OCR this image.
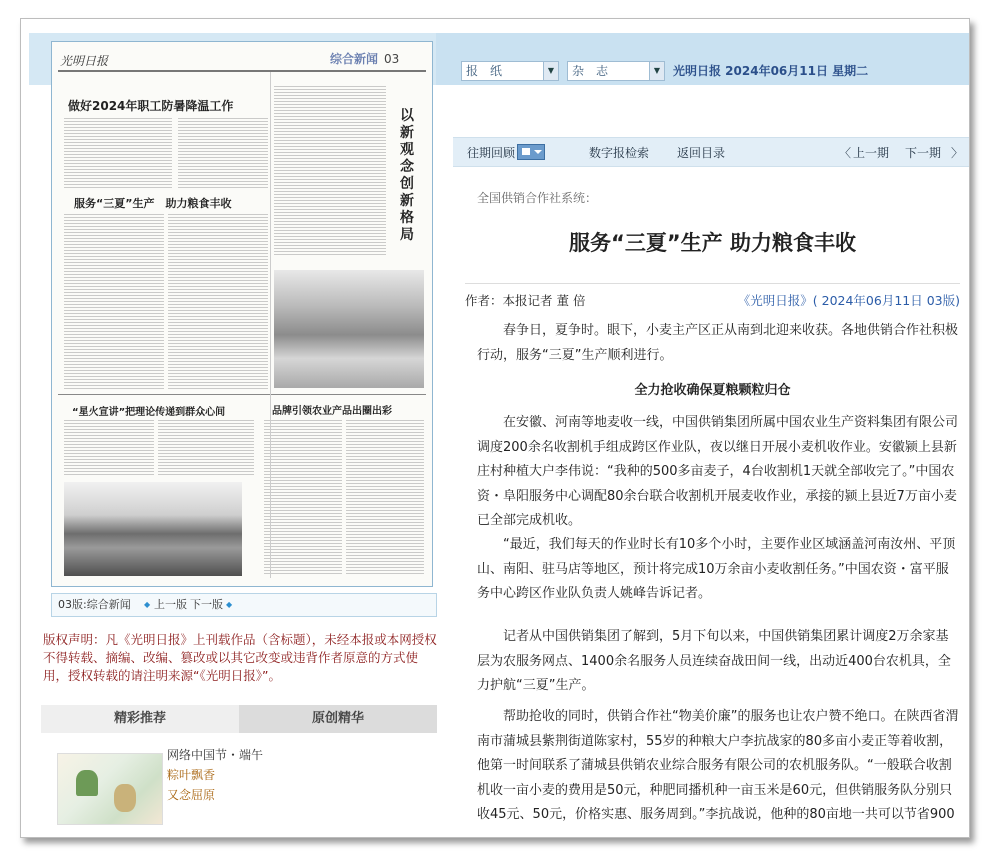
光明日报	综合新闻 03
做好2024年职工防暑降温工作
服务“三夏”生产　助力粮食丰收
以新观念创新格局
“星火宣讲”把理论传递到群众心间	品牌引领农业产品出圈出彩
03版:综合新闻 ◆ 上一版 下一版 ◆
版权声明：凡《光明日报》上刊载作品（含标题），未经本报或本网授权不得转载、摘编、改编、篡改或以其它改变或违背作者原意的方式使用，授权转载的请注明来源“《光明日报》”。
精彩推荐	原创精华
网络中国节・端午
粽叶飘香
又念屈原
报　纸	▼	杂　志	▼	光明日报 2024年06月11日 星期二
往期回顾	数字报检索 返回目录	〈 上一期 下一期 〉
全国供销合作社系统：
服务“三夏”生产 助力粮食丰收
作者：本报记者 董 倍	《光明日报》( 2024年06月11日 03版)
春争日，夏争时。眼下，小麦主产区正从南到北迎来收获。各地供销合作社积极行动，服务“三夏”生产顺利进行。
全力抢收确保夏粮颗粒归仓
在安徽、河南等地麦收一线，中国供销集团所属中国农业生产资料集团有限公司调度200余名收割机手组成跨区作业队，夜以继日开展小麦机收作业。安徽颍上县新庄村种植大户李伟说：“我种的500多亩麦子，4台收割机1天就全部收完了。”中国农资・阜阳服务中心调配80余台联合收割机开展麦收作业，承接的颍上县近7万亩小麦已全部完成机收。
“最近，我们每天的作业时长有10多个小时，主要作业区域涵盖河南汝州、平顶山、南阳、驻马店等地区，预计将完成10万余亩小麦收割任务。”中国农资・富平服务中心跨区作业队负责人姚峰告诉记者。
记者从中国供销集团了解到，5月下旬以来，中国供销集团累计调度2万余家基层为农服务网点、1400余名服务人员连续奋战田间一线，出动近400台农机具，全力护航“三夏”生产。
帮助抢收的同时，供销合作社“物美价廉”的服务也让农户赞不绝口。在陕西省渭南市蒲城县紫荆街道陈家村，55岁的种粮大户李抗战家的80多亩小麦正等着收割，他第一时间联系了蒲城县供销农业综合服务有限公司的农机服务队。“一般联合收割机收一亩小麦的费用是50元，种肥同播机种一亩玉米是60元，但供销服务队分别只收45元、50元，价格实惠、服务周到。”李抗战说，他种的80亩地一共可以节省900
